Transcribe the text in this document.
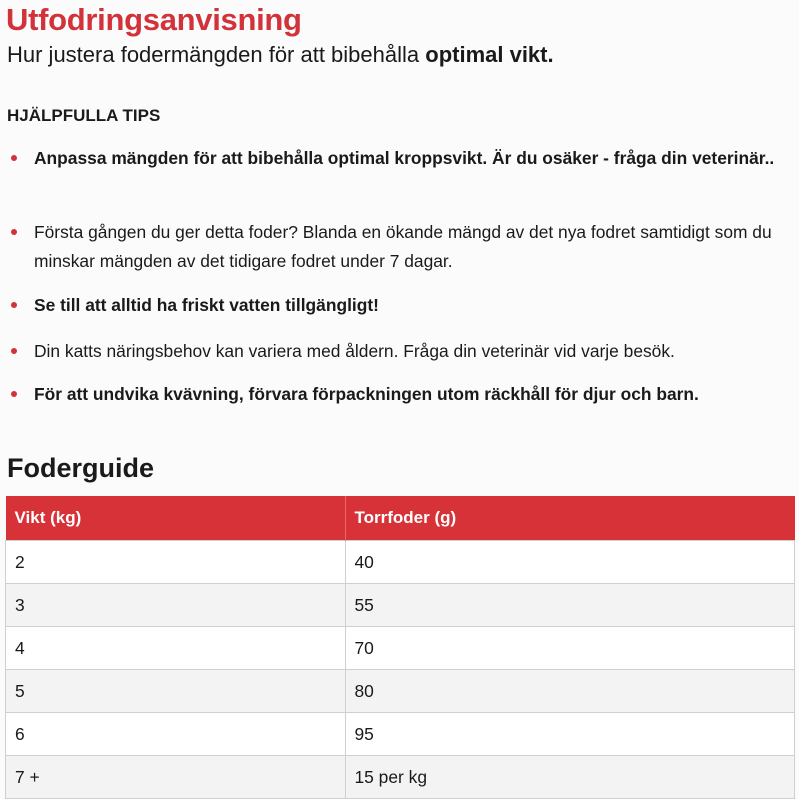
Utfodringsanvisning
Hur justera fodermängden för att bibehålla optimal vikt.
HJÄLPFULLA TIPS
Anpassa mängden för att bibehålla optimal kroppsvikt. Är du osäker - fråga din veterinär..
Första gången du ger detta foder? Blanda en ökande mängd av det nya fodret samtidigt som du minskar mängden av det tidigare fodret under 7 dagar.
Se till att alltid ha friskt vatten tillgängligt!
Din katts näringsbehov kan variera med åldern. Fråga din veterinär vid varje besök.
För att undvika kvävning, förvara förpackningen utom räckhåll för djur och barn.
Foderguide
Vikt (kg)	Torrfoder (g)
2	40
3	55
4	70
5	80
6	95
7 +	15 per kg
